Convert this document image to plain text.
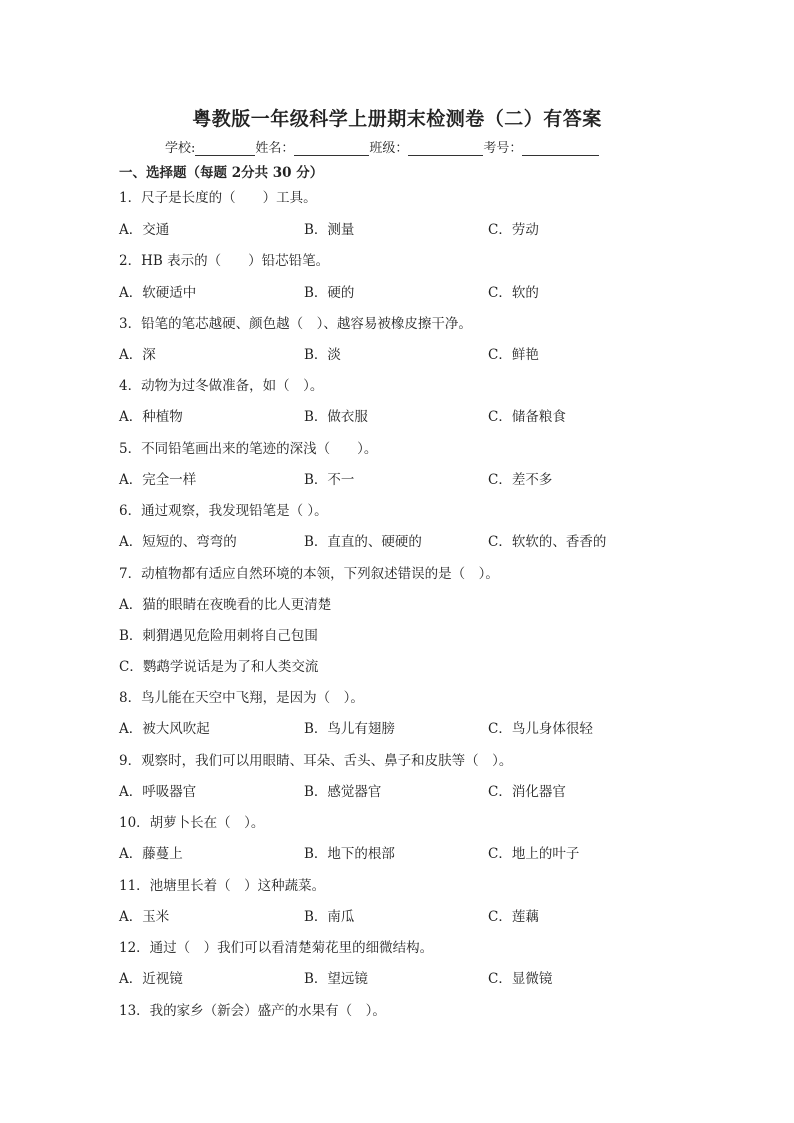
粤教版一年级科学上册期末检测卷（二）有答案
学校:	姓名：	班级：	考号：
一、选择题（每题 2分共 30 分）
1．尺子是长度的（　　）工具。
A．交通	B．测量	C．劳动
2．HB 表示的（　　）铅芯铅笔。
A．软硬适中	B．硬的	C．软的
3．铅笔的笔芯越硬、颜色越（　）、越容易被橡皮擦干净。
A．深	B．淡	C．鲜艳
4．动物为过冬做准备，如（　）。
A．种植物	B．做衣服	C．储备粮食
5．不同铅笔画出来的笔迹的深浅（　　）。
A．完全一样	B．不一	C．差不多
6．通过观察，我发现铅笔是（ ）。
A．短短的、弯弯的	B．直直的、硬硬的	C．软软的、香香的
7．动植物都有适应自然环境的本领，下列叙述错误的是（　）。
A．猫的眼睛在夜晚看的比人更清楚
B．刺猬遇见危险用刺将自己包围
C．鹦鹉学说话是为了和人类交流
8．鸟儿能在天空中飞翔，是因为（　）。
A．被大风吹起	B．鸟儿有翅膀	C．鸟儿身体很轻
9．观察时，我们可以用眼睛、耳朵、舌头、鼻子和皮肤等（　）。
A．呼吸器官	B．感觉器官	C．消化器官
10．胡萝卜长在（　）。
A．藤蔓上	B．地下的根部	C．地上的叶子
11．池塘里长着（　）这种蔬菜。
A．玉米	B．南瓜	C．莲藕
12．通过（　）我们可以看清楚菊花里的细微结构。
A．近视镜	B．望远镜	C．显微镜
13．我的家乡（新会）盛产的水果有（　）。
